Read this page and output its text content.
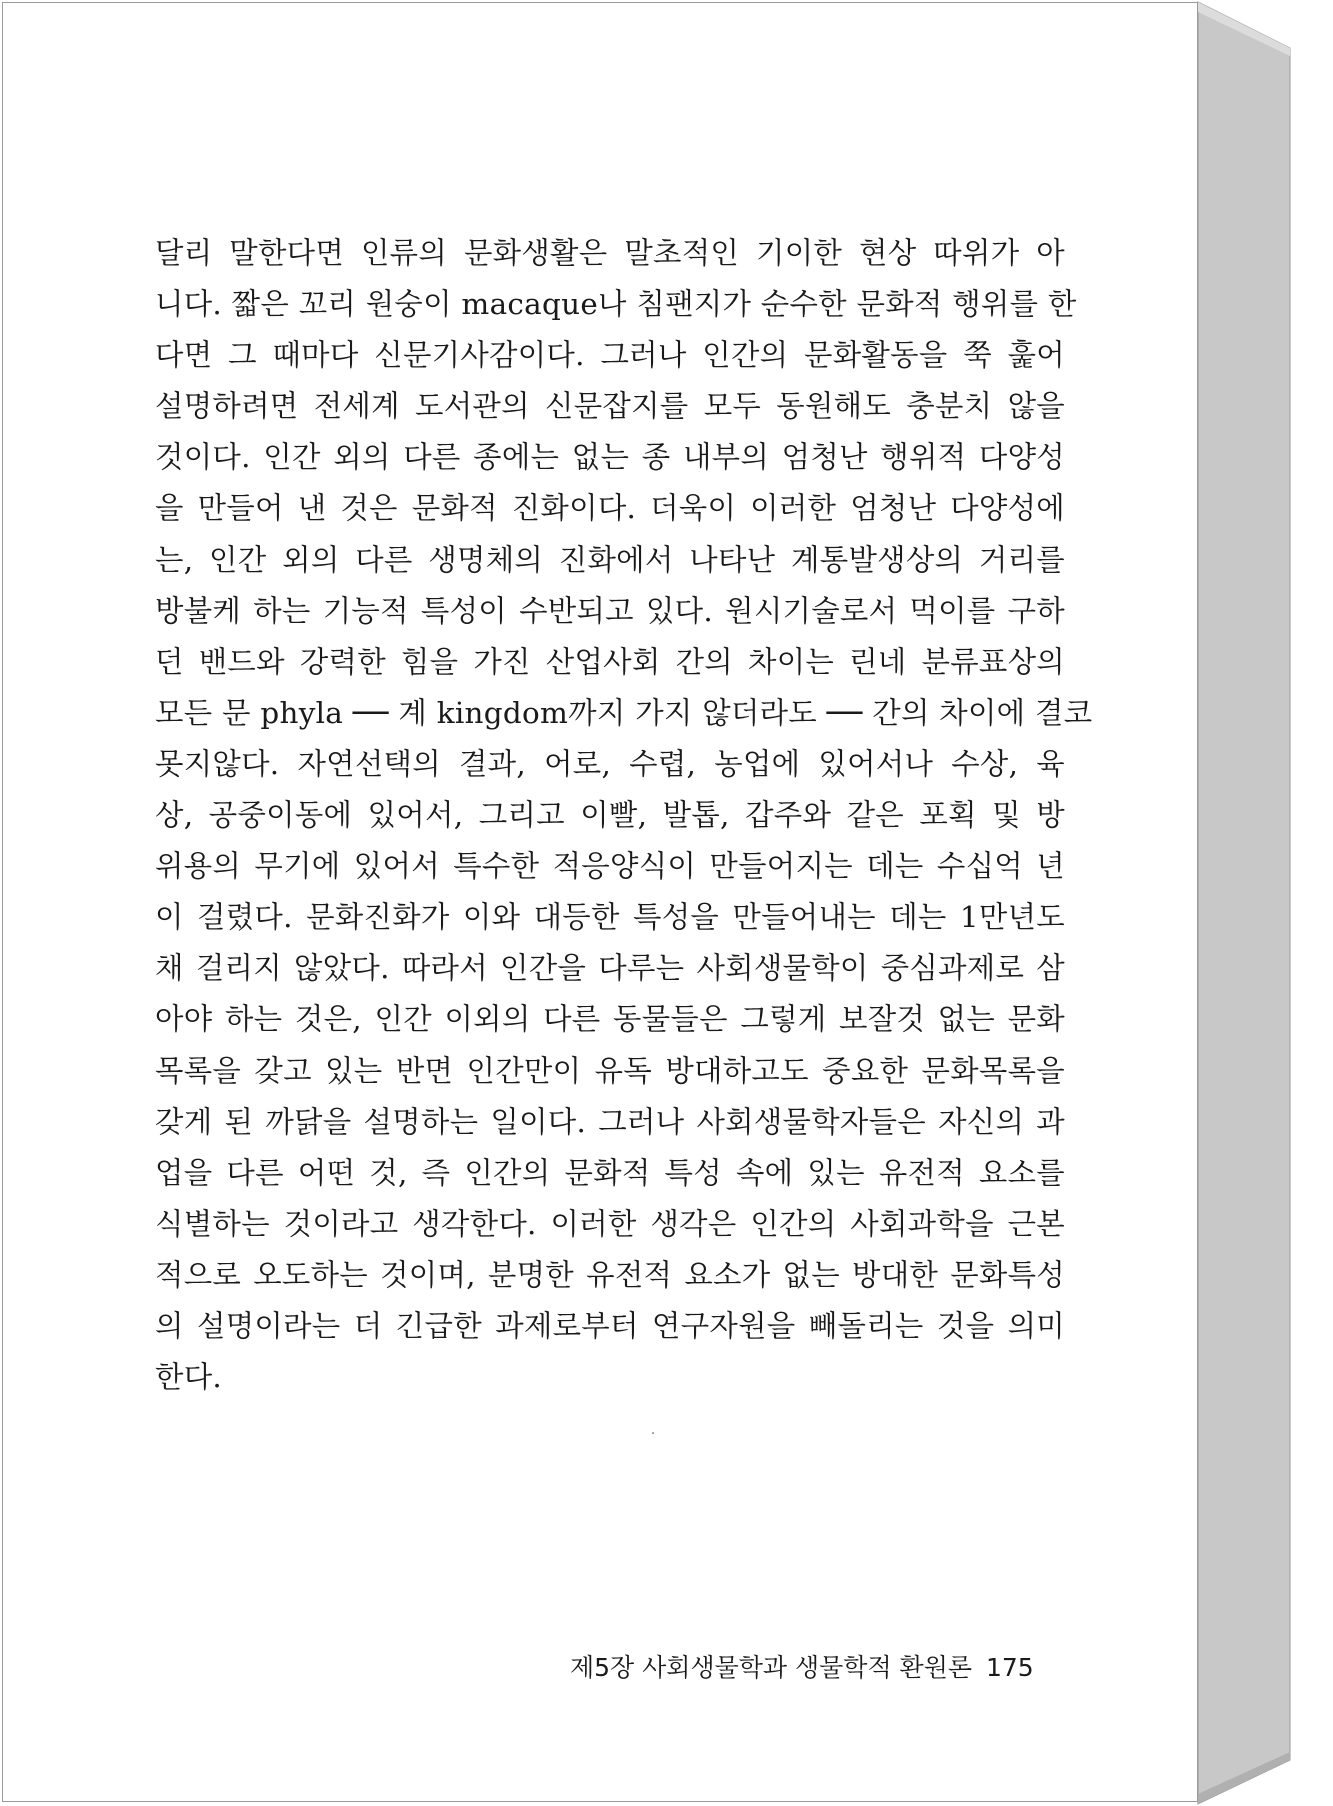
달리 말한다면 인류의 문화생활은 말초적인 기이한 현상 따위가 아
니다. 짧은 꼬리 원숭이 macaque나 침팬지가 순수한 문화적 행위를 한
다면 그 때마다 신문기사감이다. 그러나 인간의 문화활동을 쭉 훑어
설명하려면 전세계 도서관의 신문잡지를 모두 동원해도 충분치 않을
것이다. 인간 외의 다른 종에는 없는 종 내부의 엄청난 행위적 다양성
을 만들어 낸 것은 문화적 진화이다. 더욱이 이러한 엄청난 다양성에
는, 인간 외의 다른 생명체의 진화에서 나타난 계통발생상의 거리를
방불케 하는 기능적 특성이 수반되고 있다. 원시기술로서 먹이를 구하
던 밴드와 강력한 힘을 가진 산업사회 간의 차이는 린네 분류표상의
모든 문 phyla ── 계 kingdom까지 가지 않더라도 ── 간의 차이에 결코
못지않다. 자연선택의 결과, 어로, 수렵, 농업에 있어서나 수상, 육
상, 공중이동에 있어서, 그리고 이빨, 발톱, 갑주와 같은 포획 및 방
위용의 무기에 있어서 특수한 적응양식이 만들어지는 데는 수십억 년
이 걸렸다. 문화진화가 이와 대등한 특성을 만들어내는 데는 1만년도
채 걸리지 않았다. 따라서 인간을 다루는 사회생물학이 중심과제로 삼
아야 하는 것은, 인간 이외의 다른 동물들은 그렇게 보잘것 없는 문화
목록을 갖고 있는 반면 인간만이 유독 방대하고도 중요한 문화목록을
갖게 된 까닭을 설명하는 일이다. 그러나 사회생물학자들은 자신의 과
업을 다른 어떤 것, 즉 인간의 문화적 특성 속에 있는 유전적 요소를
식별하는 것이라고 생각한다. 이러한 생각은 인간의 사회과학을 근본
적으로 오도하는 것이며, 분명한 유전적 요소가 없는 방대한 문화특성
의 설명이라는 더 긴급한 과제로부터 연구자원을 빼돌리는 것을 의미
한다.
제5장 사회생물학과 생물학적 환원론 175
